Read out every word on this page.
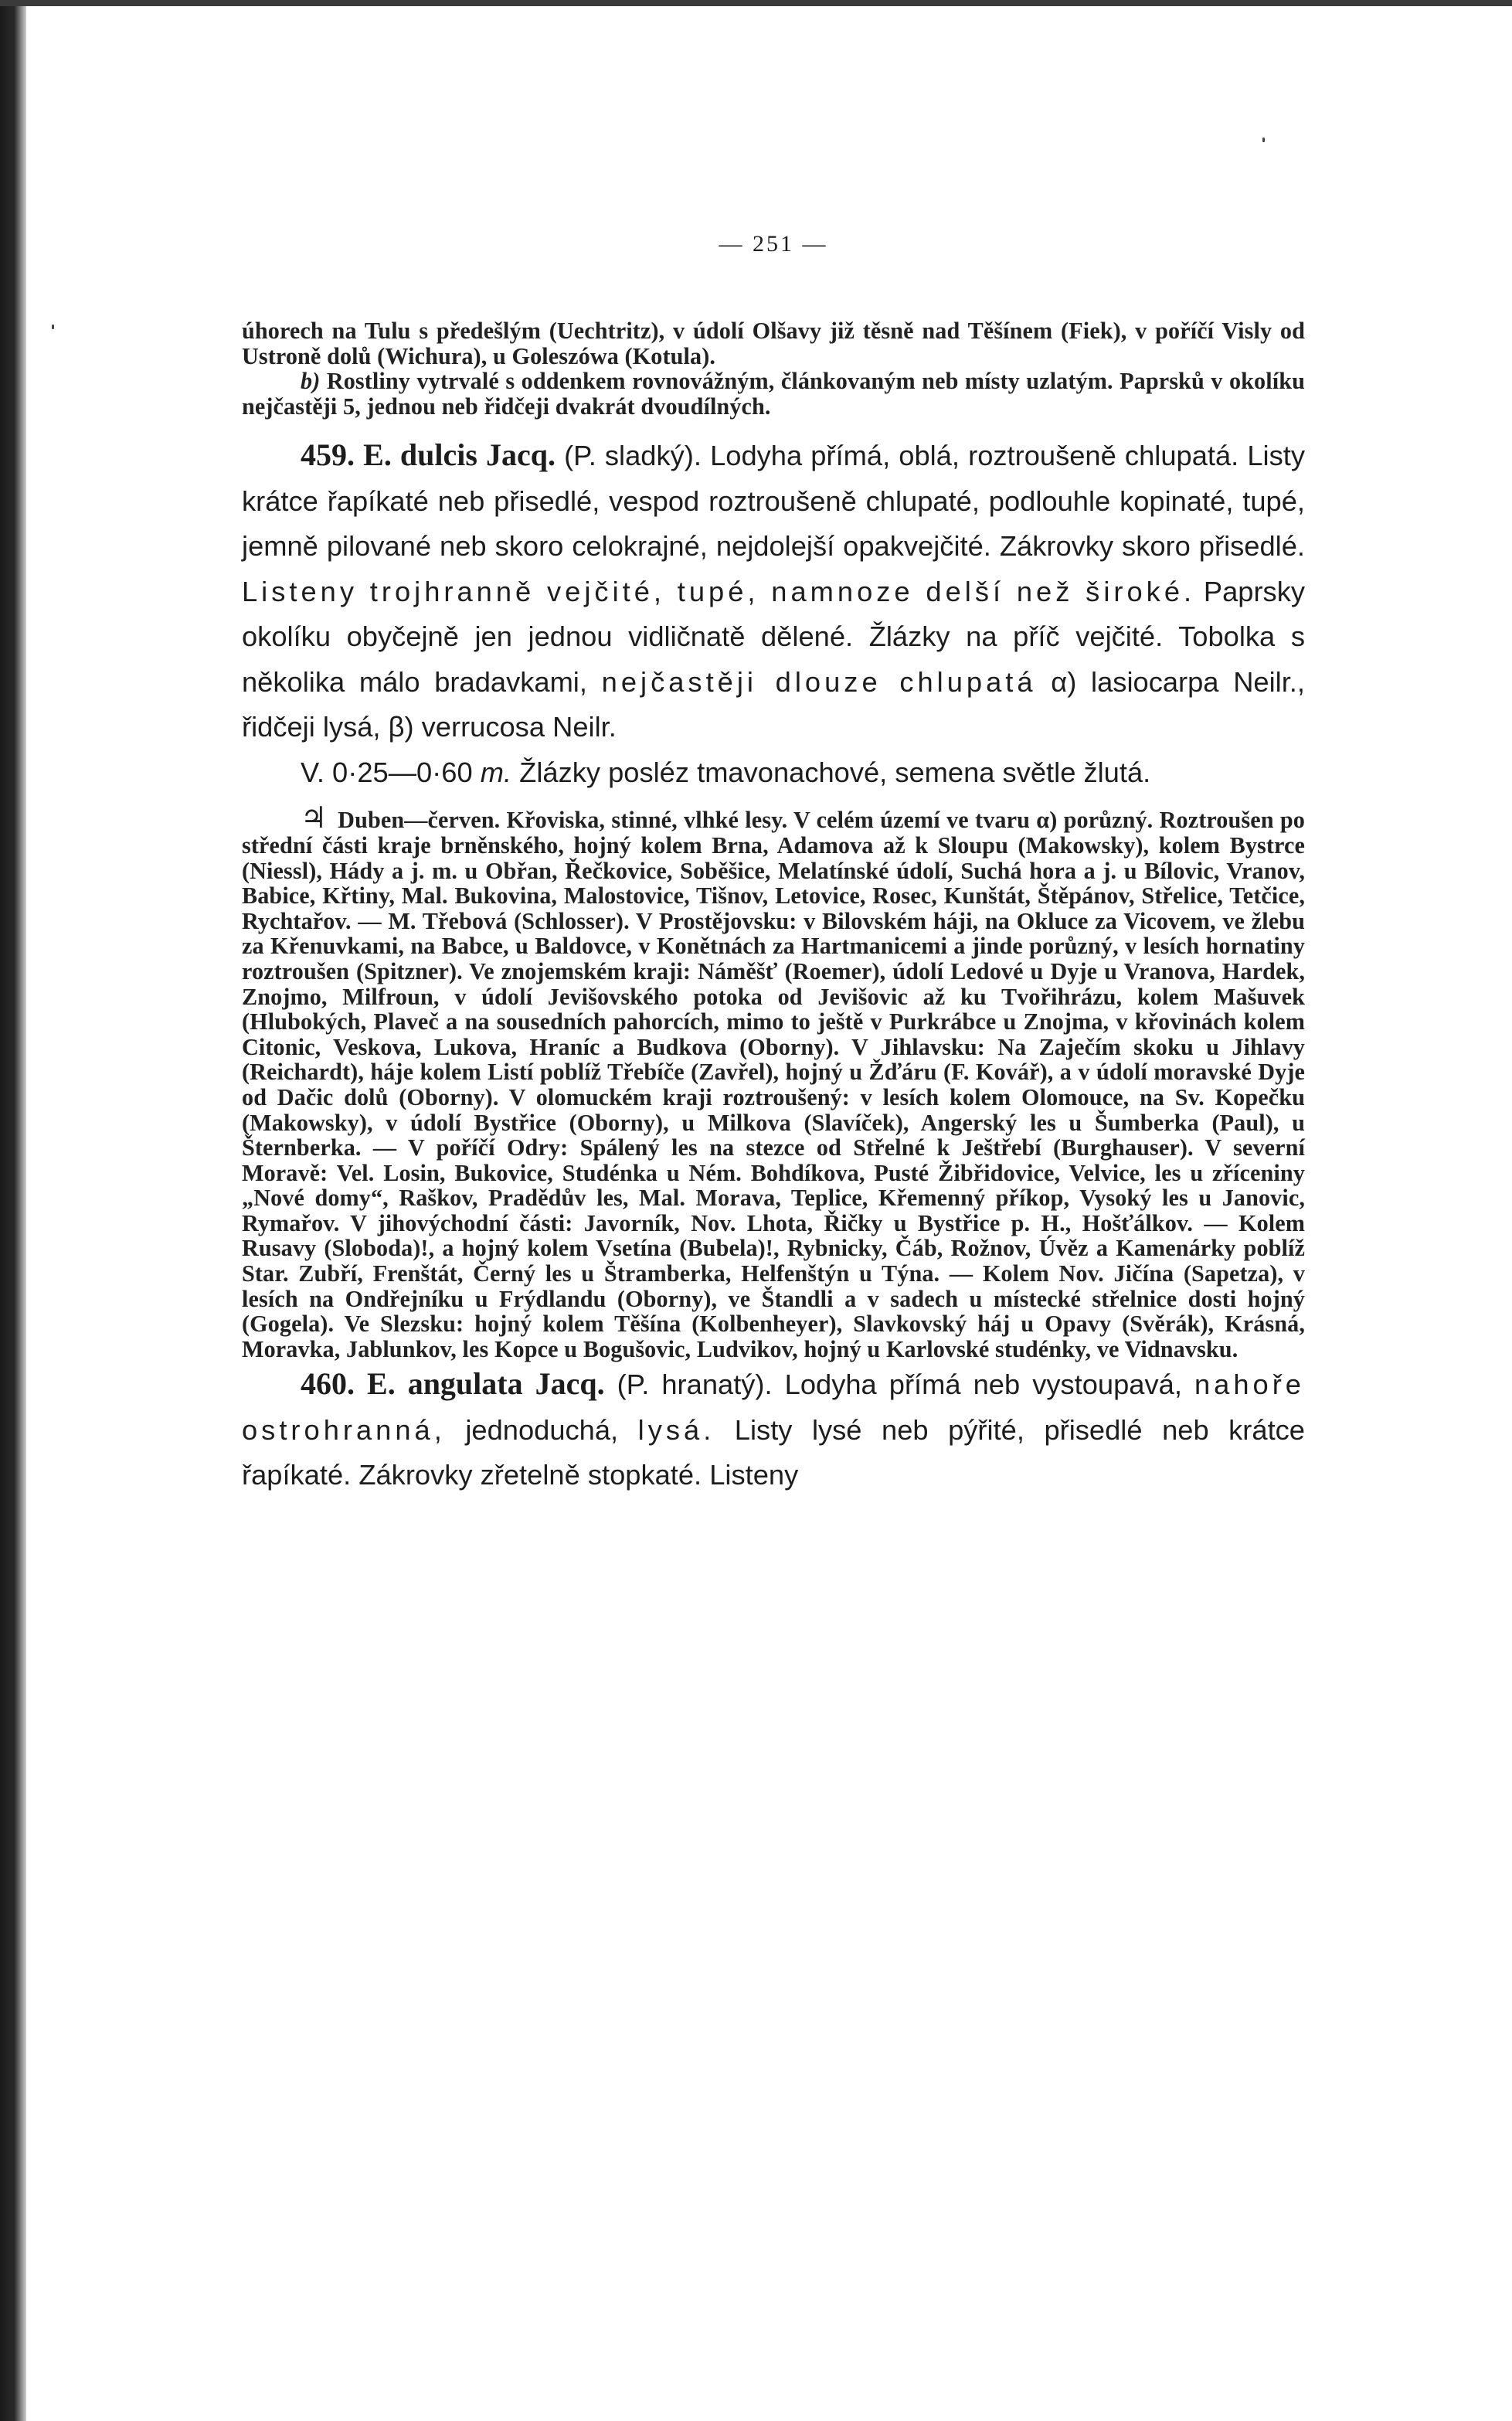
— 251 —

úhorech na Tulu s předešlým (Uechtritz), v údolí Olšavy již těsně nad Těšínem (Fiek), v poříčí Visly od Ustroně dolů (Wichura), u Goleszówa (Kotula).

b) Rostliny vytrvalé s oddenkem rovnovážným, článkovaným neb místy uzlatým. Paprsků v okolíku nejčastěji 5, jednou neb řidčeji dvakrát dvoudílných.

459. E. dulcis Jacq. (P. sladký). Lodyha přímá, oblá, roztroušeně chlupatá. Listy krátce řapíkaté neb přisedlé, vespod roztroušeně chlupaté, podlouhle kopinaté, tupé, jemně pilované neb skoro celokrajné, nejdolejší opakvejčité. Zákrovky skoro přisedlé. Listeny trojhranně vejčité, tupé, namnoze delší než široké. Paprsky okolíku obyčejně jen jednou vidličnatě dělené. Žlázky na příč vejčité. Tobolka s několika málo bradavkami, nejčastěji dlouze chlupatá α) lasiocarpa Neilr., řidčeji lysá, β) verrucosa Neilr.

V. 0·25—0·60 m. Žlázky posléz tmavonachové, semena světle žlutá.

♃ Duben—červen. Křoviska, stinné, vlhké lesy. V celém území ve tvaru α) porůzný. Roztroušen po střední části kraje brněnského, hojný kolem Brna, Adamova až k Sloupu (Makowsky), kolem Bystrce (Niessl), Hády a j. m. u Obřan, Řečkovice, Soběšice, Melatínské údolí, Suchá hora a j. u Bílovic, Vranov, Babice, Křtiny, Mal. Bukovina, Malostovice, Tišnov, Letovice, Rosec, Kunštát, Štěpánov, Střelice, Tetčice, Rychtařov. — M. Třebová (Schlosser). V Prostějovsku: v Bilovském háji, na Okluce za Vicovem, ve žlebu za Křenuvkami, na Babce, u Baldovce, v Konětnách za Hartmanicemi a jinde porůzný, v lesích hornatiny roztroušen (Spitzner). Ve znojemském kraji: Náměšť (Roemer), údolí Ledové u Dyje u Vranova, Hardek, Znojmo, Milfroun, v údolí Jevišovského potoka od Jevišovic až ku Tvořihrázu, kolem Mašuvek (Hlubokých, Plaveč a na sousedních pahorcích, mimo to ještě v Purkrábce u Znojma, v křovinách kolem Citonic, Veskova, Lukova, Hraníc a Budkova (Oborny). V Jihlavsku: Na Zaječím skoku u Jihlavy (Reichardt), háje kolem Listí poblíž Třebíče (Zavřel), hojný u Žďáru (F. Kovář), a v údolí moravské Dyje od Dačic dolů (Oborny). V olomuckém kraji roztroušený: v lesích kolem Olomouce, na Sv. Kopečku (Makowsky), v údolí Bystřice (Oborny), u Milkova (Slavíček), Angerský les u Šumberka (Paul), u Šternberka. — V poříčí Odry: Spálený les na stezce od Střelné k Ještřebí (Burghauser). V severní Moravě: Vel. Losin, Bukovice, Studénka u Ném. Bohdíkova, Pusté Žibřidovice, Velvice, les u zříceniny „Nové domy“, Raškov, Pradědův les, Mal. Morava, Teplice, Křemenný příkop, Vysoký les u Janovic, Rymařov. V jihovýchodní části: Javorník, Nov. Lhota, Řičky u Bystřice p. H., Hošťálkov. — Kolem Rusavy (Sloboda)!, a hojný kolem Vsetína (Bubela)!, Rybnicky, Čáb, Rožnov, Úvěz a Kamenárky poblíž Star. Zubří, Frenštát, Černý les u Štramberka, Helfenštýn u Týna. — Kolem Nov. Jičína (Sapetza), v lesích na Ondřejníku u Frýdlandu (Oborny), ve Štandli a v sadech u místecké střelnice dosti hojný (Gogela). Ve Slezsku: hojný kolem Těšína (Kolbenheyer), Slavkovský háj u Opavy (Svěrák), Krásná, Moravka, Jablunkov, les Kopce u Bogušovic, Ludvikov, hojný u Karlovské studénky, ve Vidnavsku.

460. E. angulata Jacq. (P. hranatý). Lodyha přímá neb vystoupavá, nahoře ostrohranná, jednoduchá, lysá. Listy lysé neb pýřité, přisedlé neb krátce řapíkaté. Zákrovky zřetelně stopkaté. Listeny
